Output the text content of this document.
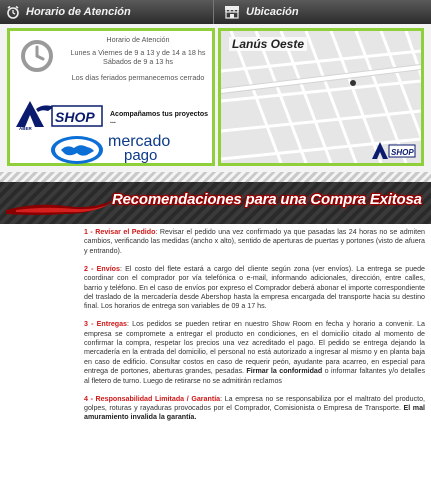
Horario de Atención	Ubicación
Horario de Atención
Lunes a Viernes de 9 a 13 y de 14 a 18 hs
Sábados de 9 a 13 hs
Los días feriados permanecemos cerrado
ABER
SHOP Acompañamos tus proyectos ...
mercado
pago
Lanús Oeste
SHOP
Recomendaciones para una Compra Exitosa

1 - Revisar el Pedido: Revisar el pedido una vez confirmado ya que pasadas las 24 horas no se admiten cambios, verificando las medidas (ancho x alto), sentido de aperturas de puertas y portones (visto de afuera y entrando).

2 - Envíos: El costo del flete estará a cargo del cliente según zona (ver envíos). La entrega se puede coordinar con el comprador por vía telefónica o e-mail, informando adicionales, dirección, entre calles, barrio y teléfono. En el caso de envíos por expreso el Comprador deberá abonar el importe correspondiente del traslado de la mercadería desde Abershop hasta la empresa encargada del transporte hacia su destino final. Los horarios de entrega son variables de 09 a 17 hs.

3 - Entregas: Los pedidos se pueden retirar en nuestro Show Room en fecha y horario a convenir. La empresa se compromete a entregar el producto en condiciones, en el domicilio citado al momento de confirmar la compra, respetar los precios una vez acreditado el pago. El pedido se entrega dejando la mercadería en la entrada del domicilio, el personal no está autorizado a ingresar al mismo y en planta baja en caso de edificio. Consultar costos en caso de requerir peón, ayudante para acarreo, en especial para entrega de portones, aberturas grandes, pesadas. Firmar la conformidad o informar faltantes y/o detalles al fletero de turno. Luego de retirarse no se admitirán reclamos

4 - Responsabilidad Limitada / Garantía: La empresa no se responsabiliza por el maltrato del producto, golpes, roturas y rayaduras provocados por el Comprador, Comisionista o Empresa de Transporte. El mal amuramiento invalida la garantía.
